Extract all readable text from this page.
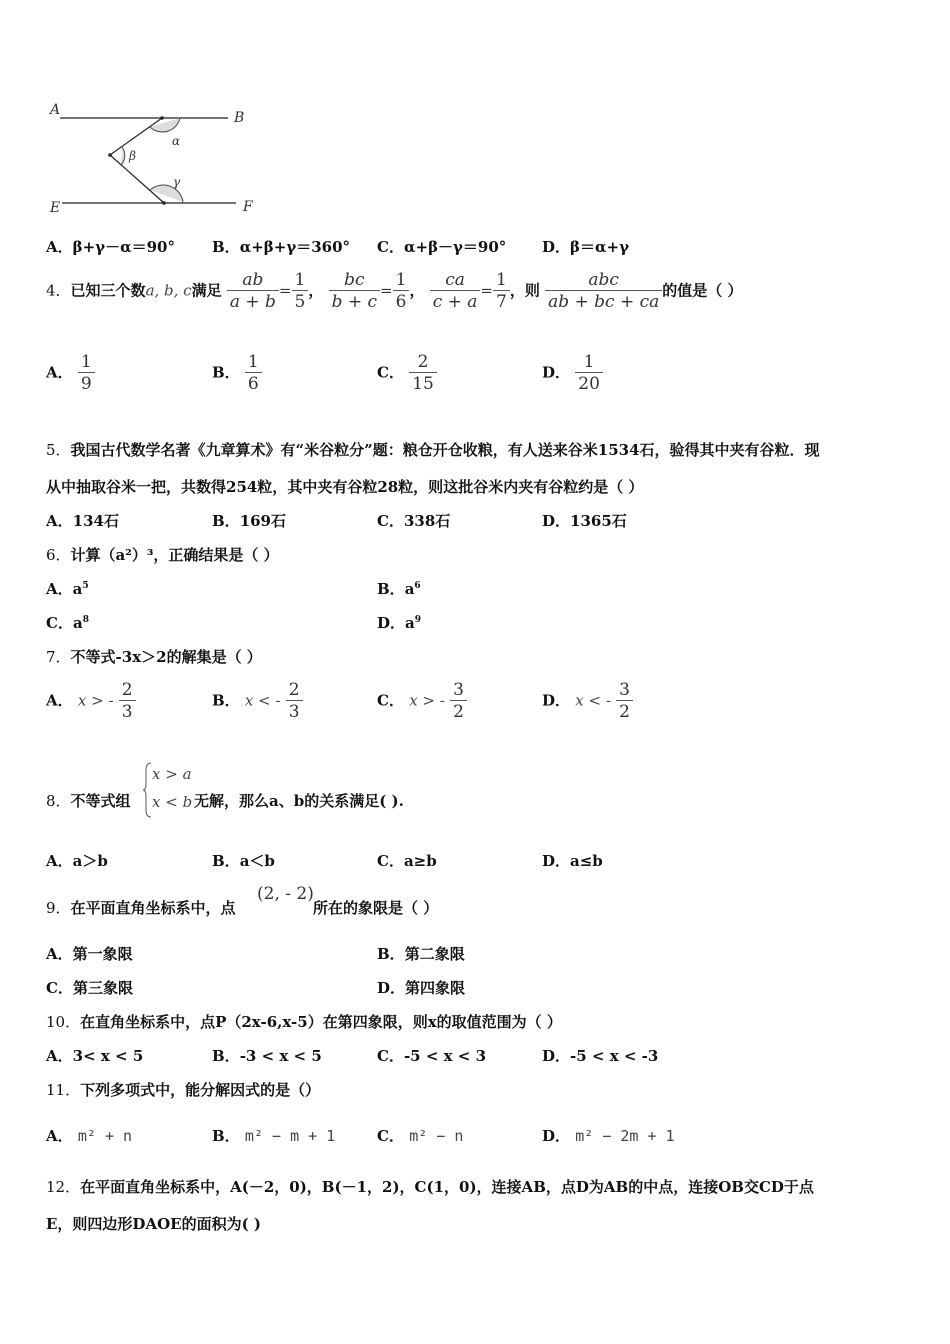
A	B
E	F
α
β
γ
A．β+γ－α＝90° B．α+β+γ＝360° C．α+β－γ＝90° D．β＝α+γ
4．已知三个数a, b, c满足 $\frac{ab}{a + b} = \frac{1}{5}$ ， $\frac{bc}{b + c} = \frac{1}{6}$ ， $\frac{ca}{c + a} = \frac{1}{7}$ ，则 $\frac{\text{abc}}{ab + bc + ca}$ 的值是（ ）
A． $\frac{1}{9}$	B． $\frac{1}{6}$	C． $\frac{2}{15}$	D． $\frac{1}{20}$
5．我国古代数学名著《九章算术》有“米谷粒分”题：粮仓开仓收粮，有人送来谷米1534石，验得其中夹有谷粒．现
从中抽取谷米一把，共数得254粒，其中夹有谷粒28粒，则这批谷米内夹有谷粒约是（ ）
A．134石	B．169石	C．338石	D．1365石
6．计算（a²）³，正确结果是（ ）
A．$a^5$	B．$a^6$
C．$a^8$	D．$a^9$
7．不等式-3x＞2的解集是（ ）
A． x > - $\frac{2}{3}$	B． x < - $\frac{2}{3}$	C． x > - $\frac{3}{2}$	D． x < - $\frac{3}{2}$
8．不等式组
x > a
x < b 无解，那么a、b的关系满足( ).
A．a＞b	B．a＜b	C．a≥b	D．a≤b
9．在平面直角坐标系中，点
(2, - 2)
所在的象限是（ ）
A．第一象限	B．第二象限
C．第三象限	D．第四象限
10．在直角坐标系中，点P（2x-6,x-5）在第四象限，则x的取值范围为（ ）
A．3< x < 5	B．-3 < x < 5	C．-5 < x < 3	D．-5 < x < -3
11．下列多项式中，能分解因式的是（）
A． m² + n	B． m² − m + 1	C． m² − n	D． m² − 2m + 1
12．在平面直角坐标系中，A(－2，0)，B(－1，2)，C(1，0)，连接AB，点D为AB的中点，连接OB交CD于点
E，则四边形DAOE的面积为( )
